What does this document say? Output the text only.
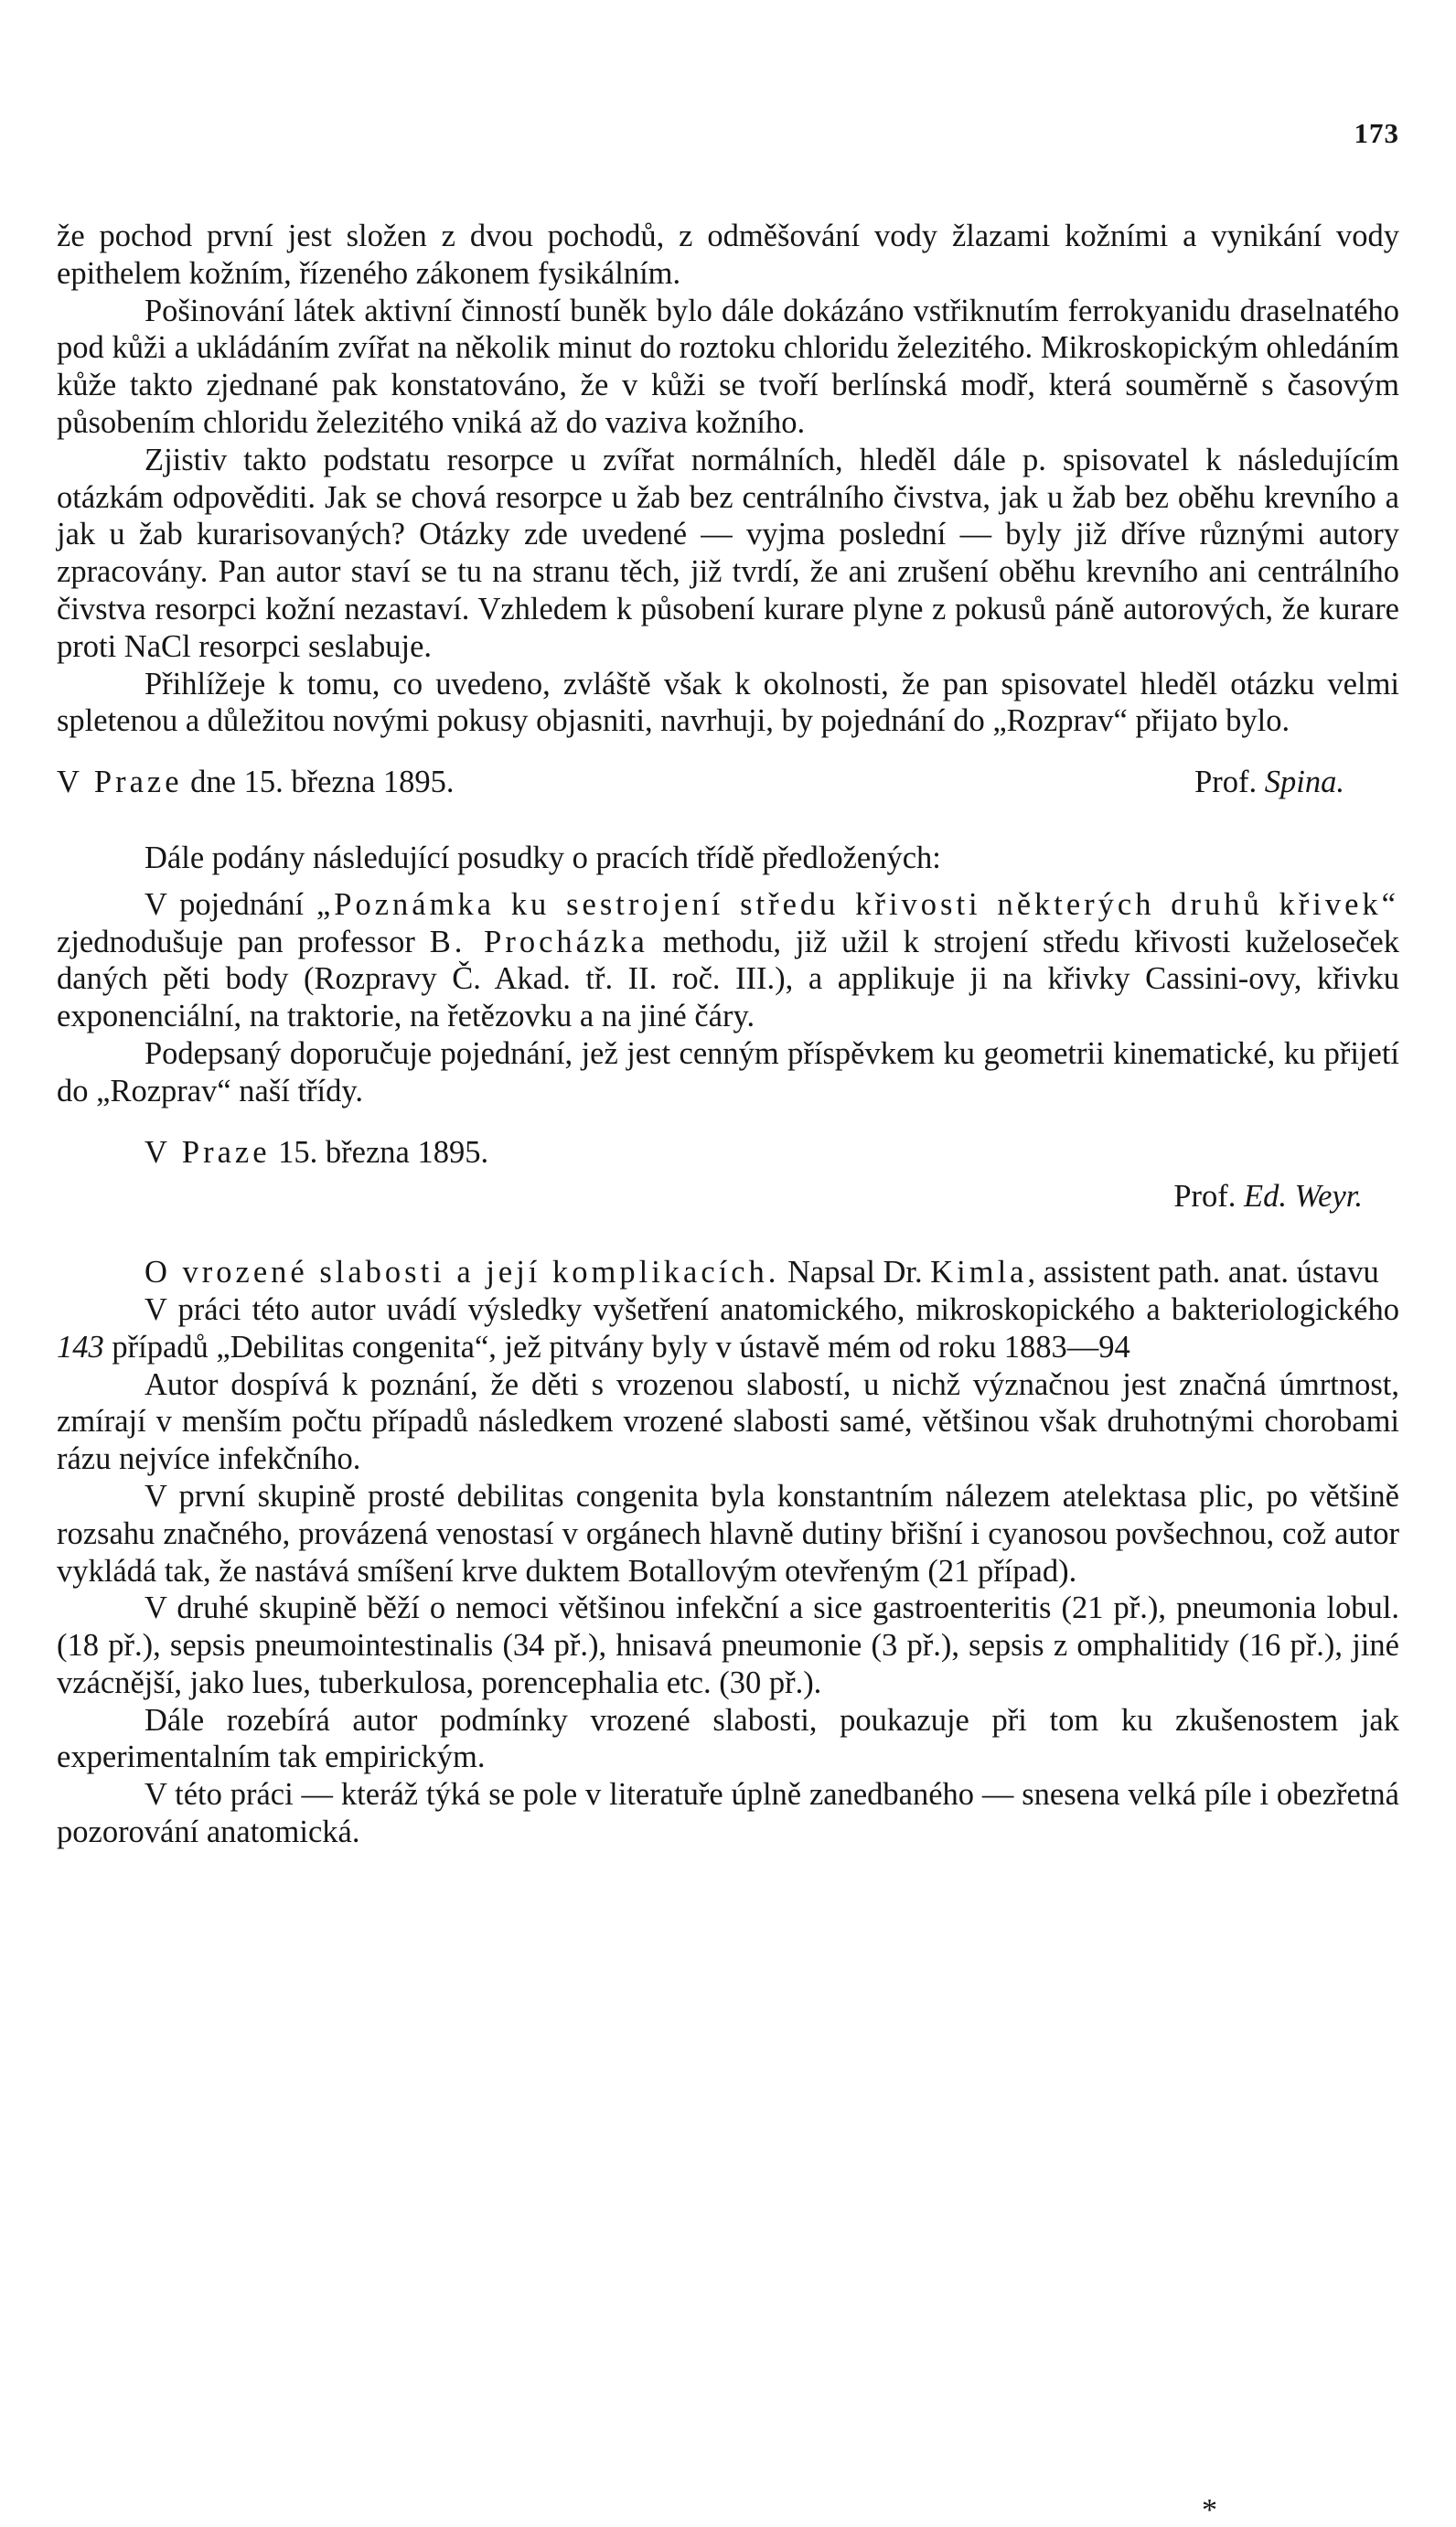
173

že pochod první jest složen z dvou pochodů, z odměšování vody žlazami kožními a vynikání vody epithelem kožním, řízeného zákonem fysikálním.

Pošinování látek aktivní činností buněk bylo dále dokázáno vstřiknutím ferrokyanidu draselnatého pod kůži a ukládáním zvířat na několik minut do roztoku chloridu železitého. Mikroskopickým ohledáním kůže takto zjednané pak konstatováno, že v kůži se tvoří berlínská modř, která souměrně s časovým působením chloridu železitého vniká až do vaziva kožního.

Zjistiv takto podstatu resorpce u zvířat normálních, hleděl dále p. spisovatel k následujícím otázkám odpověditi. Jak se chová resorpce u žab bez centrálního čivstva, jak u žab bez oběhu krevního a jak u žab kurarisovaných? Otázky zde uvedené — vyjma poslední — byly již dříve různými autory zpracovány. Pan autor staví se tu na stranu těch, již tvrdí, že ani zrušení oběhu krevního ani centrálního čivstva resorpci kožní nezastaví. Vzhledem k působení kurare plyne z pokusů páně autorových, že kurare proti NaCl resorpci seslabuje.

Přihlížeje k tomu, co uvedeno, zvláště však k okolnosti, že pan spisovatel hleděl otázku velmi spletenou a důležitou novými pokusy objasniti, navrhuji, by pojednání do „Rozprav“ přijato bylo.

V Praze dne 15. března 1895.	Prof. Spina.

Dále podány následující posudky o pracích třídě předložených:

V pojednání „Poznámka ku sestrojení středu křivosti některých druhů křivek“ zjednodušuje pan professor B. Procházka methodu, již užil k strojení středu křivosti kuželoseček daných pěti body (Rozpravy Č. Akad. tř. II. roč. III.), a applikuje ji na křivky Cassini-ovy, křivku exponenciální, na traktorie, na řetězovku a na jiné čáry.

Podepsaný doporučuje pojednání, jež jest cenným příspěvkem ku geometrii kinematické, ku přijetí do „Rozprav“ naší třídy.

V Praze 15. března 1895.

Prof. Ed. Weyr.

O vrozené slabosti a její komplikacích. Napsal Dr. Kimla, assistent path. anat. ústavu

V práci této autor uvádí výsledky vyšetření anatomického, mikroskopického a bakteriologického 143 případů „Debilitas congenita“, jež pitvány byly v ústavě mém od roku 1883—94

Autor dospívá k poznání, že děti s vrozenou slabostí, u nichž význačnou jest značná úmrtnost, zmírají v menším počtu případů následkem vrozené slabosti samé, většinou však druhotnými chorobami rázu nejvíce infekčního.

V první skupině prosté debilitas congenita byla konstantním nálezem atelektasa plic, po většině rozsahu značného, provázená venostasí v orgánech hlavně dutiny břišní i cyanosou povšechnou, což autor vykládá tak, že nastává smíšení krve duktem Botallovým otevřeným (21 případ).

V druhé skupině běží o nemoci většinou infekční a sice gastroenteritis (21 př.), pneumonia lobul. (18 př.), sepsis pneumointestinalis (34 př.), hnisavá pneumonie (3 př.), sepsis z omphalitidy (16 př.), jiné vzácnější, jako lues, tuberkulosa, porencephalia etc. (30 př.).

Dále rozebírá autor podmínky vrozené slabosti, poukazuje při tom ku zkušenostem jak experimentalním tak empirickým.

V této práci — kteráž týká se pole v literatuře úplně zanedbaného — snesena velká píle i obezřetná pozorování anatomická.

*
